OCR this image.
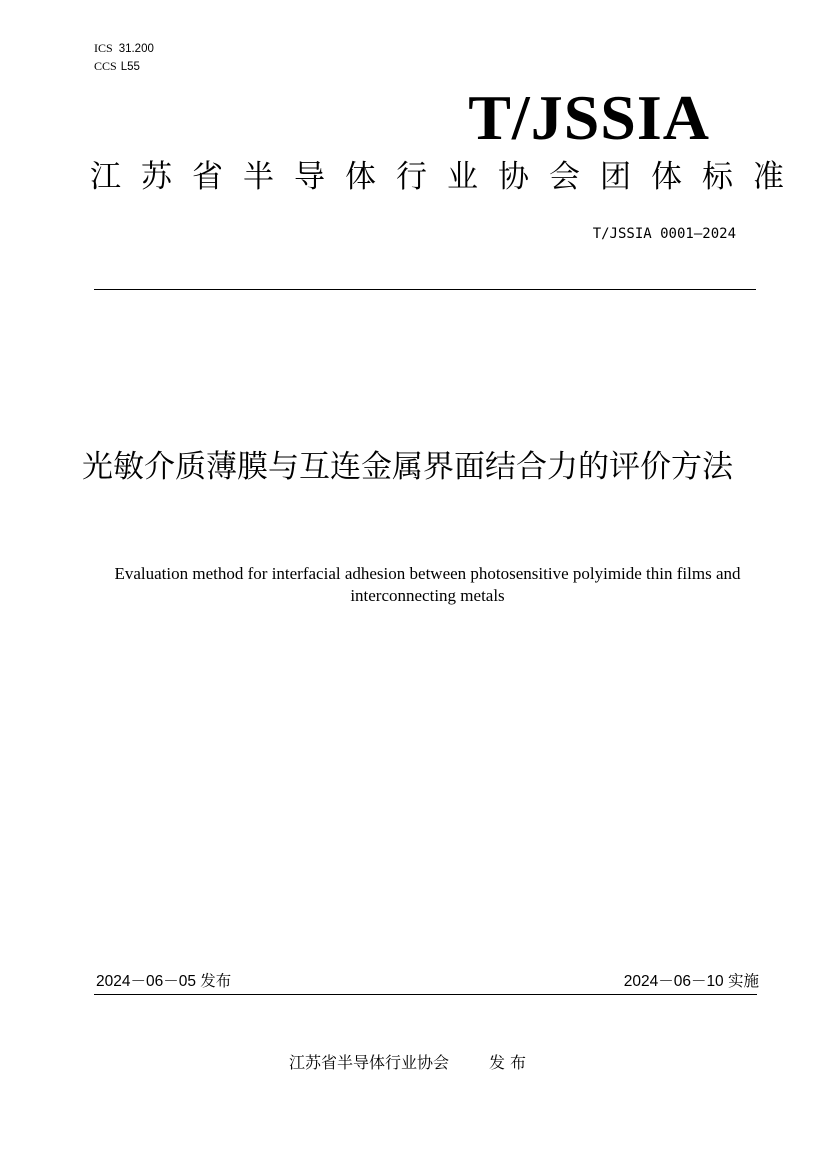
ICS 31.200
CCS L55
T/JSSIA
江苏省半导体行业协会团体标准
T/JSSIA 0001—2024
光敏介质薄膜与互连金属界面结合力的评价方法
Evaluation method for interfacial adhesion between photosensitive polyimide thin films and interconnecting metals
2024－06－05 发布	2024－06－10 实施
江苏省半导体行业协会	发 布
